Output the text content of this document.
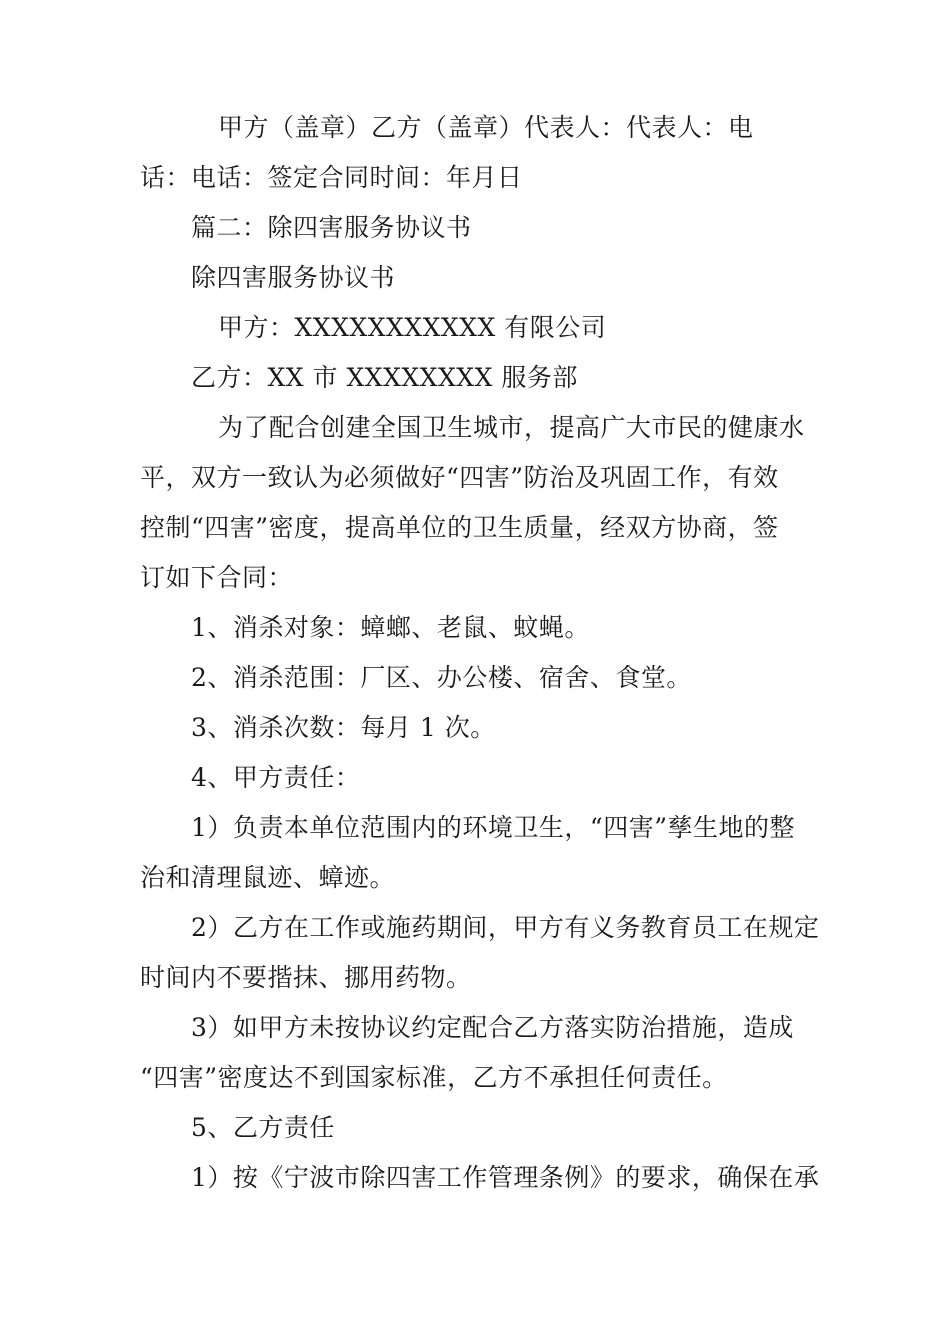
甲方（盖章）乙方（盖章）代表人：代表人：电
话：电话：签定合同时间：年月日
篇二：除四害服务协议书
除四害服务协议书
甲方：XXXXXXXXXXX 有限公司
乙方：XX 市 XXXXXXXX 服务部
为了配合创建全国卫生城市，提高广大市民的健康水
平，双方一致认为必须做好“四害”防治及巩固工作，有效
控制“四害”密度，提高单位的卫生质量，经双方协商，签
订如下合同：
1、消杀对象：蟑螂、老鼠、蚊蝇。
2、消杀范围：厂区、办公楼、宿舍、食堂。
3、消杀次数：每月 1 次。
4、甲方责任：
1）负责本单位范围内的环境卫生，“四害”孳生地的整
治和清理鼠迹、蟑迹。
2）乙方在工作或施药期间，甲方有义务教育员工在规定
时间内不要揩抹、挪用药物。
3）如甲方未按协议约定配合乙方落实防治措施，造成
“四害”密度达不到国家标准，乙方不承担任何责任。
5、乙方责任
1）按《宁波市除四害工作管理条例》的要求，确保在承
